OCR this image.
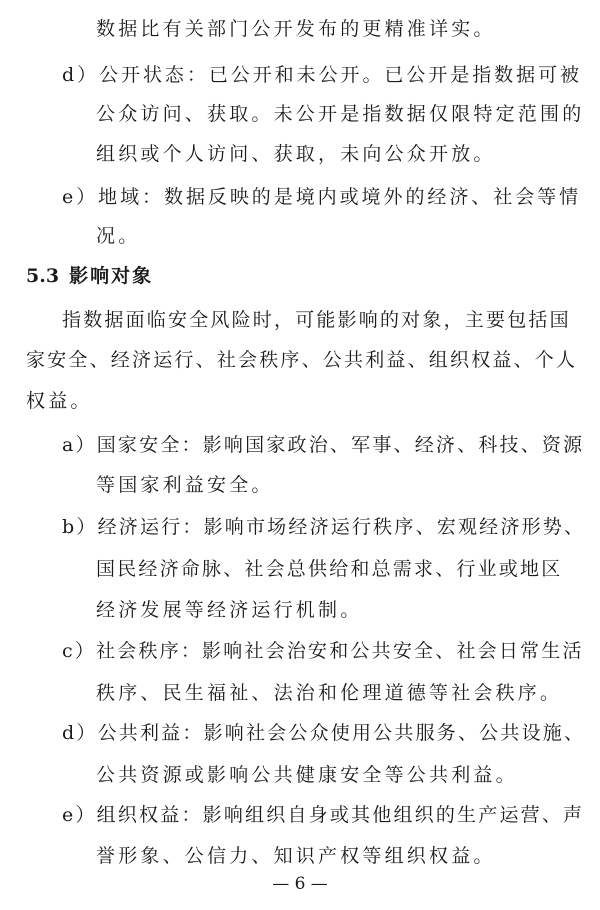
数据比有关部门公开发布的更精准详实。
d）公开状态：已公开和未公开。已公开是指数据可被
公众访问、获取。未公开是指数据仅限特定范围的
组织或个人访问、获取，未向公众开放。
e）地域：数据反映的是境内或境外的经济、社会等情
况。
5.3 影响对象
指数据面临安全风险时，可能影响的对象，主要包括国
家安全、经济运行、社会秩序、公共利益、组织权益、个人
权益。
a）国家安全：影响国家政治、军事、经济、科技、资源
等国家利益安全。
b）经济运行：影响市场经济运行秩序、宏观经济形势、
国民经济命脉、社会总供给和总需求、行业或地区
经济发展等经济运行机制。
c）社会秩序：影响社会治安和公共安全、社会日常生活
秩序、民生福祉、法治和伦理道德等社会秩序。
d）公共利益：影响社会公众使用公共服务、公共设施、
公共资源或影响公共健康安全等公共利益。
e）组织权益：影响组织自身或其他组织的生产运营、声
誉形象、公信力、知识产权等组织权益。
— 6 —
